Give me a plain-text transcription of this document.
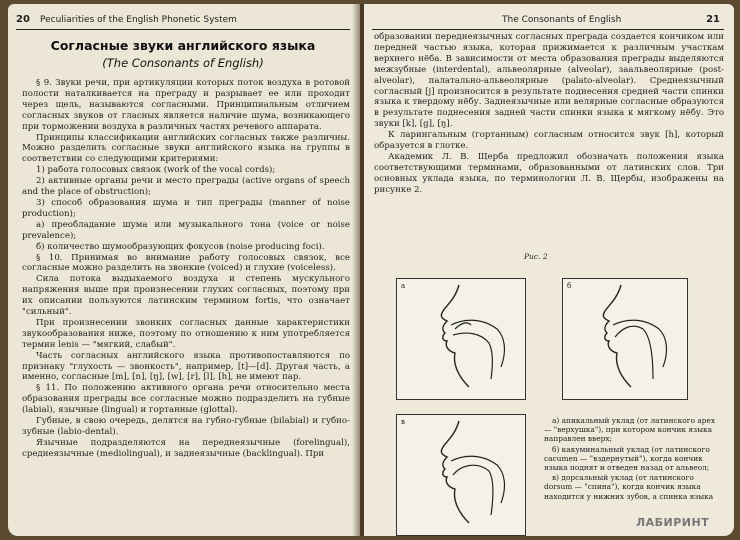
20 Peculiarities of the English Phonetic System
Согласные звуки английского языка
(The Consonants of English)

§ 9. Звуки речи, при артикуляции которых поток воздуха в ротовой полости наталкивается на преграду и разрывает ее или проходит через щель, называются согласными. Принципиальным отличием согласных звуков от гласных является наличие шума, возникающего при торможении воздуха в различных частях речевого аппарата.

Принципы классификации английских согласных также различны. Можно разделить согласные звуки английского языка на группы в соответствии со следующими критериями:

1) работа голосовых связок (work of the vocal cords);

2) активные органы речи и место преграды (active organs of speech and the place of obstruction);

3) способ образования шума и тип преграды (manner of noise production);

а) преобладание шума или музыкального тона (voice or noise prevalence);

б) количество шумообразующих фокусов (noise producing foci).

§ 10. Принимая во внимание работу голосовых связок, все согласные можно разделить на звонкие (voiced) и глухие (voiceless).

Сила потока выдыхаемого воздуха и степень мускульного напряжения выше при произнесении глухих согласных, поэтому при их описании пользуются латинским термином fortis, что означает "сильный".

При произнесении звонких согласных данные характеристики звукообразования ниже, поэтому по отношению к ним употребляется термин lenis — "мягкий, слабый".

Часть согласных английского языка противопоставляются по признаку "глухость — звонкость", например, [t]—[d]. Другая часть, а именно, согласные [m], [n], [ŋ], [w], [r], [l], [h], не имеют пар.

§ 11. По положению активного органа речи относительно места образования преграды все согласные можно подразделить на губные (labial), язычные (lingual) и гортанные (glottal).

Губные, в свою очередь, делятся на губно-губные (bilabial) и губно-зубные (labio-dental).

Язычные подразделяются на переднеязычные (forelingual), среднеязычные (mediolingual), и заднеязычные (backlingual). При

The Consonants of English	21

образовании переднеязычных согласных преграда создается кончиком или передней частью языка, которая прижимается к различным участкам верхнего нёба. В зависимости от места образования преграды выделяются межзубные (interdental), альвеолярные (alveolar), заальвеолярные (post-alveolar), палатально-альвеолярные (palato-alveolar). Среднеязычный согласный [j] произносится в результате поднесения средней части спинки языка к твердому нёбу. Заднеязычные или велярные согласные образуются в результате поднесения задней части спинки языка к мягкому нёбу. Это звуки [k], [g], [ŋ].

К ларингальным (гортанным) согласным относится звук [h], который образуется в глотке.

Академик Л. В. Щерба предложил обозначать положения языка соответствующими терминами, образованными от латинских слов. Три основных уклада языка, по терминологии Л. В. Щербы, изображены на рисунке 2.

Рис. 2
а	б
в	а) апикальный уклад (от латинского apex — "верхушка"), при котором кончик языка направлен вверх;

б) какуминальный уклад (от латинского cacumen — "вздернутый"), когда кончик языка поднят и отведен назад от альвеол;

в) дорсальный уклад (от латинского dorsum — "спина"), когда кончик языка находится у нижних зубов, а спинка языка

ЛАБИРИНТ
